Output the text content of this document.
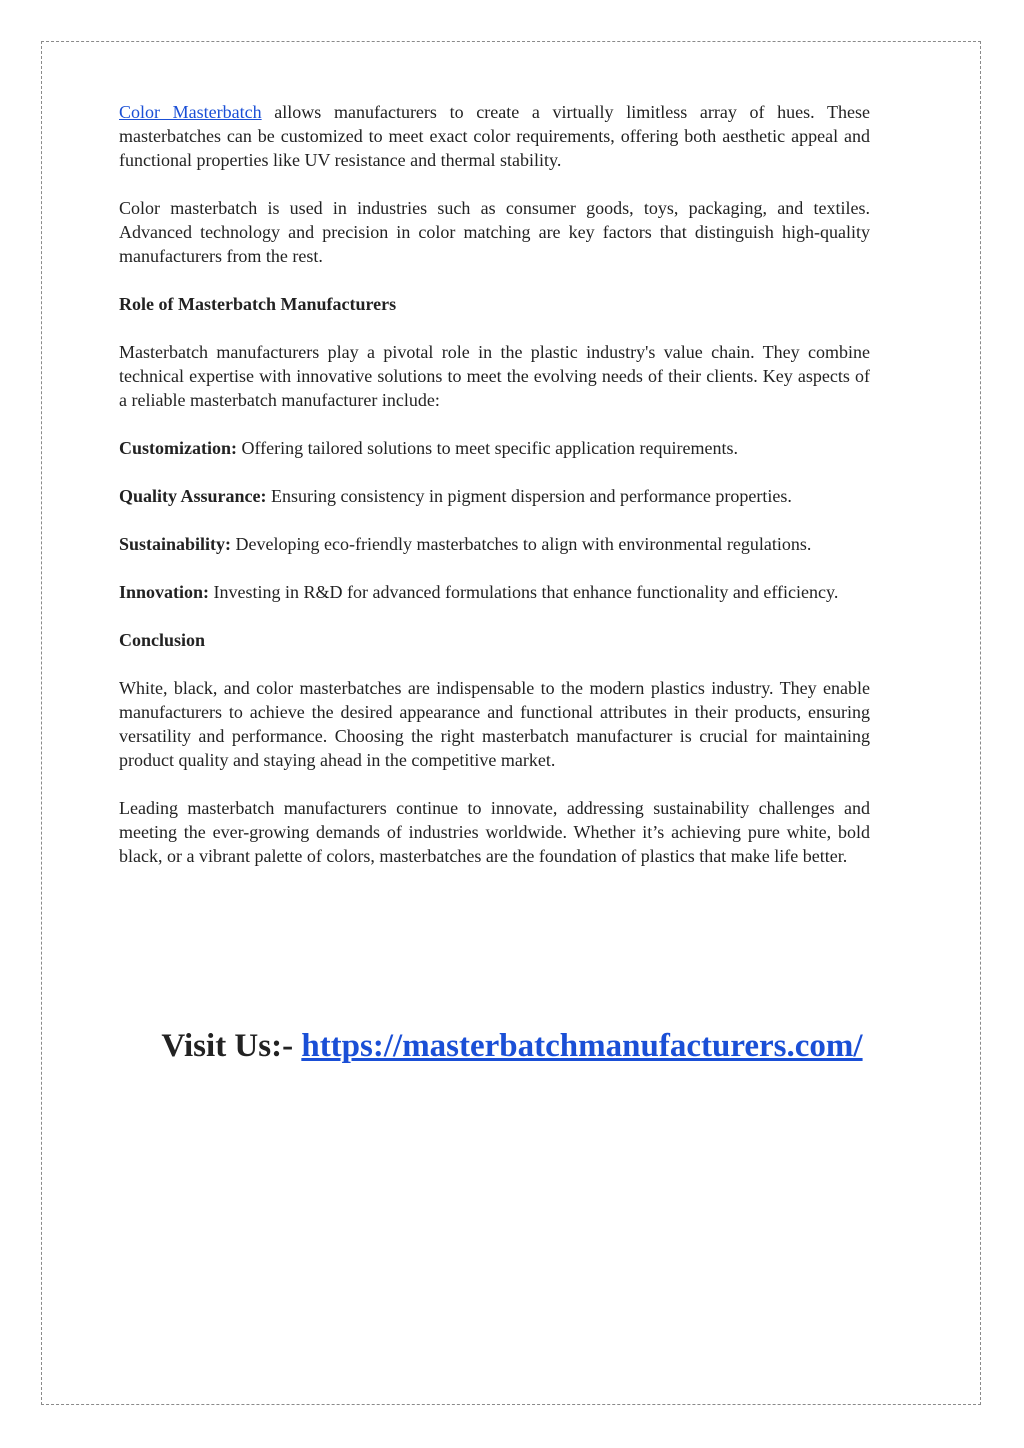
Color Masterbatch allows manufacturers to create a virtually limitless array of hues. These masterbatches can be customized to meet exact color requirements, offering both aesthetic appeal and functional properties like UV resistance and thermal stability.

Color masterbatch is used in industries such as consumer goods, toys, packaging, and textiles. Advanced technology and precision in color matching are key factors that distinguish high-quality manufacturers from the rest.

Role of Masterbatch Manufacturers

Masterbatch manufacturers play a pivotal role in the plastic industry's value chain. They combine technical expertise with innovative solutions to meet the evolving needs of their clients. Key aspects of a reliable masterbatch manufacturer include:

Customization: Offering tailored solutions to meet specific application requirements.

Quality Assurance: Ensuring consistency in pigment dispersion and performance properties.

Sustainability: Developing eco-friendly masterbatches to align with environmental regulations.

Innovation: Investing in R&D for advanced formulations that enhance functionality and efficiency.

Conclusion

White, black, and color masterbatches are indispensable to the modern plastics industry. They enable manufacturers to achieve the desired appearance and functional attributes in their products, ensuring versatility and performance. Choosing the right masterbatch manufacturer is crucial for maintaining product quality and staying ahead in the competitive market.

Leading masterbatch manufacturers continue to innovate, addressing sustainability challenges and meeting the ever-growing demands of industries worldwide. Whether it’s achieving pure white, bold black, or a vibrant palette of colors, masterbatches are the foundation of plastics that make life better.

Visit Us:- https://masterbatchmanufacturers.com/
